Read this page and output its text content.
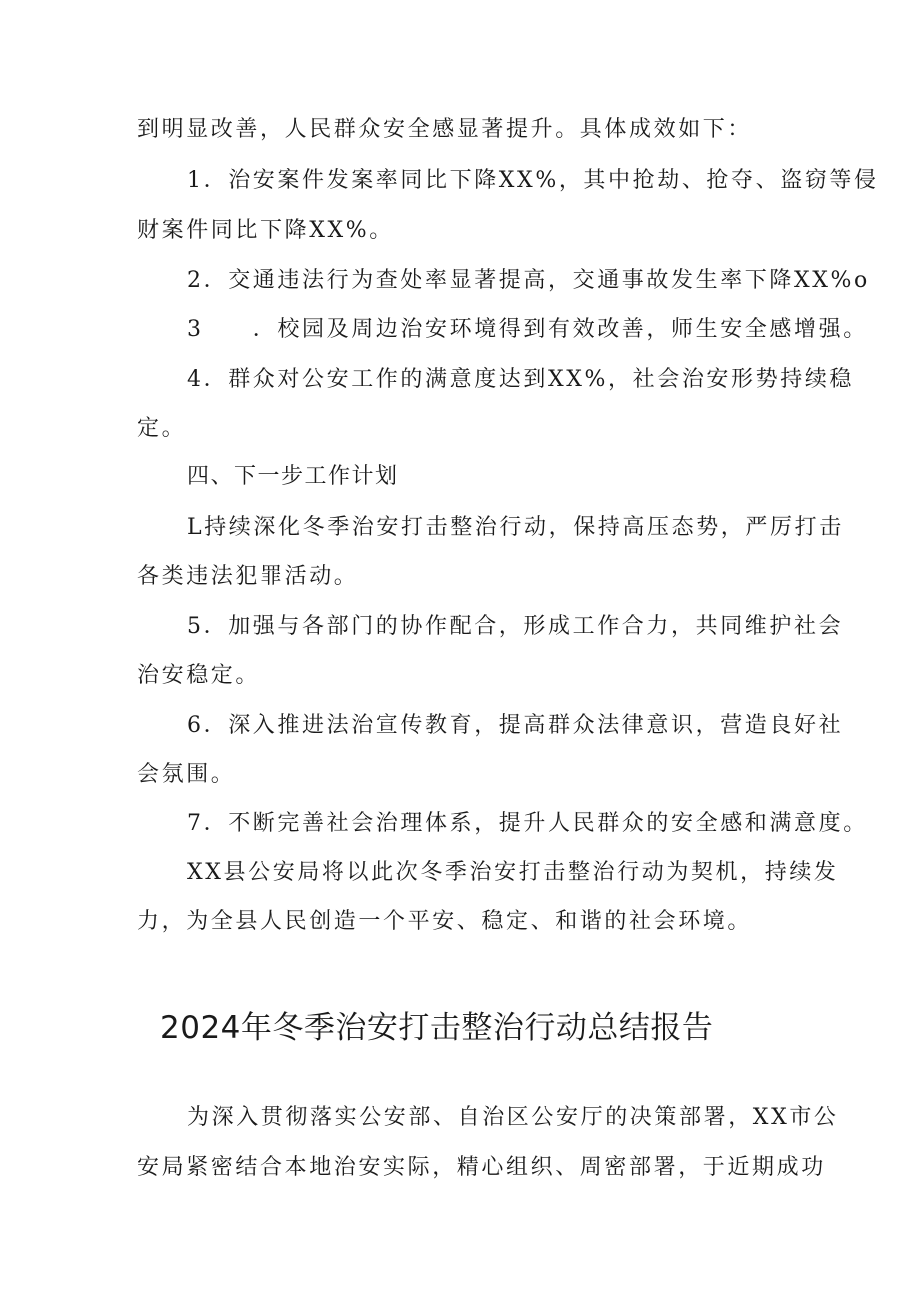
到明显改善，人民群众安全感显著提升。具体成效如下：
1．治安案件发案率同比下降XX%，其中抢劫、抢夺、盗窃等侵
财案件同比下降XX%。
2．交通违法行为查处率显著提高，交通事故发生率下降XX%o
3　　．校园及周边治安环境得到有效改善，师生安全感增强。
4．群众对公安工作的满意度达到XX%，社会治安形势持续稳
定。
四、下一步工作计划
L持续深化冬季治安打击整治行动，保持高压态势，严厉打击
各类违法犯罪活动。
5．加强与各部门的协作配合，形成工作合力，共同维护社会
治安稳定。
6．深入推进法治宣传教育，提高群众法律意识，营造良好社
会氛围。
7．不断完善社会治理体系，提升人民群众的安全感和满意度。
XX县公安局将以此次冬季治安打击整治行动为契机，持续发
力，为全县人民创造一个平安、稳定、和谐的社会环境。
2024年冬季治安打击整治行动总结报告
为深入贯彻落实公安部、自治区公安厅的决策部署，XX市公
安局紧密结合本地治安实际，精心组织、周密部署，于近期成功
